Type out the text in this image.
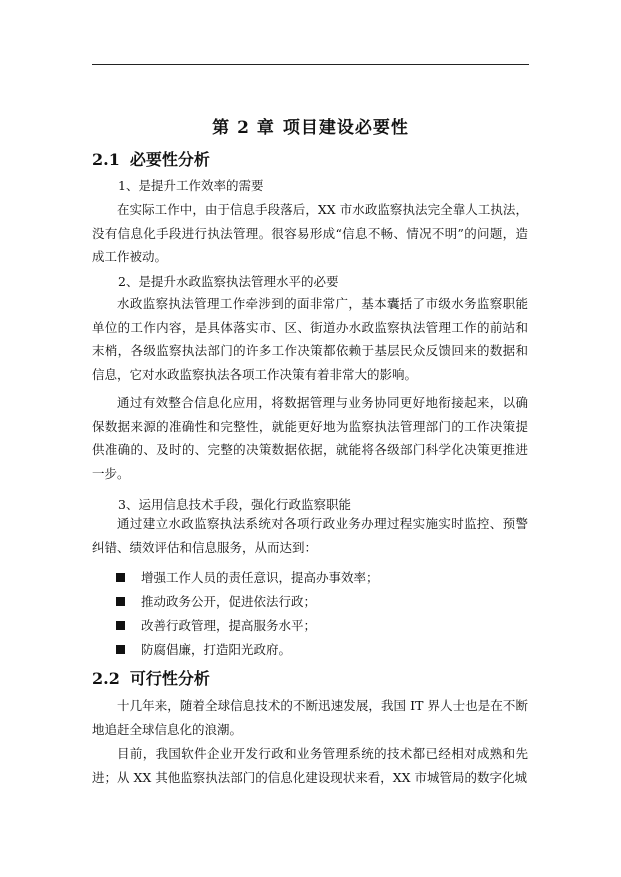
第 2 章 项目建设必要性
2.1 必要性分析
1、是提升工作效率的需要
在实际工作中，由于信息手段落后，XX 市水政监察执法完全靠人工执法，没有信息化手段进行执法管理。很容易形成“信息不畅、情况不明”的问题，造成工作被动。
2、是提升水政监察执法管理水平的必要
水政监察执法管理工作牵涉到的面非常广，基本囊括了市级水务监察职能单位的工作内容，是具体落实市、区、街道办水政监察执法管理工作的前站和末梢，各级监察执法部门的许多工作决策都依赖于基层民众反馈回来的数据和信息，它对水政监察执法各项工作决策有着非常大的影响。
通过有效整合信息化应用，将数据管理与业务协同更好地衔接起来，以确保数据来源的准确性和完整性，就能更好地为监察执法管理部门的工作决策提供准确的、及时的、完整的决策数据依据，就能将各级部门科学化决策更推进一步。
3、运用信息技术手段，强化行政监察职能
通过建立水政监察执法系统对各项行政业务办理过程实施实时监控、预警纠错、绩效评估和信息服务，从而达到：
增强工作人员的责任意识，提高办事效率；
推动政务公开，促进依法行政；
改善行政管理，提高服务水平；
防腐倡廉，打造阳光政府。
2.2 可行性分析
十几年来，随着全球信息技术的不断迅速发展，我国 IT 界人士也是在不断地追赶全球信息化的浪潮。
目前，我国软件企业开发行政和业务管理系统的技术都已经相对成熟和先进；从 XX 其他监察执法部门的信息化建设现状来看，XX 市城管局的数字化城
